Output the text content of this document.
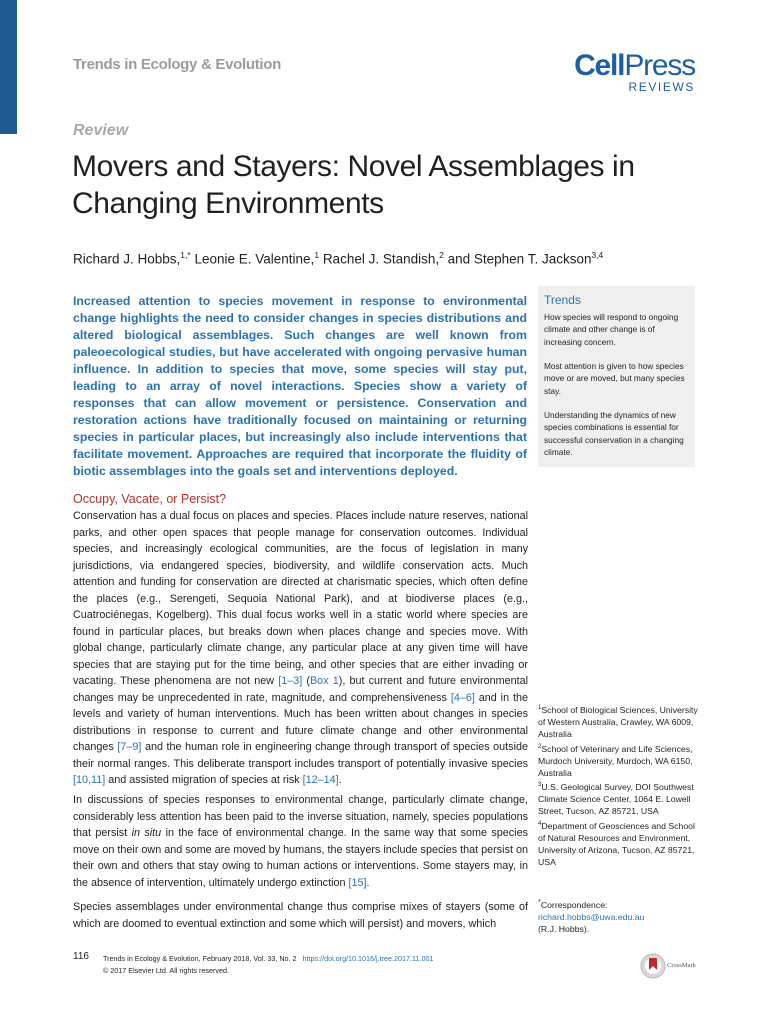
Trends in Ecology & Evolution	CellPress
REVIEWS
Review
Movers and Stayers: Novel Assemblages in Changing Environments
Richard J. Hobbs,$^{1,*}$ Leonie E. Valentine,$^1$ Rachel J. Standish,$^2$ and Stephen T. Jackson$^{3,4}$
Increased attention to species movement in response to environmental change highlights the need to consider changes in species distributions and altered biological assemblages. Such changes are well known from paleoecological studies, but have accelerated with ongoing pervasive human influence. In addition to species that move, some species will stay put, leading to an array of novel interactions. Species show a variety of responses that can allow movement or persistence. Conservation and restoration actions have traditionally focused on maintaining or returning species in particular places, but increasingly also include interventions that facilitate movement. Approaches are required that incorporate the fluidity of biotic assemblages into the goals set and interventions deployed.
Trends
How species will respond to ongoing climate and other change is of increasing concern.
Most attention is given to how species move or are moved, but many species stay.
Understanding the dynamics of new species combinations is essential for successful conservation in a changing climate.
Occupy, Vacate, or Persist?

Conservation has a dual focus on places and species. Places include nature reserves, national parks, and other open spaces that people manage for conservation outcomes. Individual species, and increasingly ecological communities, are the focus of legislation in many jurisdictions, via endangered species, biodiversity, and wildlife conservation acts. Much attention and funding for conservation are directed at charismatic species, which often define the places (e.g., Serengeti, Sequoia National Park), and at biodiverse places (e.g., Cuatrociénegas, Kogelberg). This dual focus works well in a static world where species are found in particular places, but breaks down when places change and species move. With global change, particularly climate change, any particular place at any given time will have species that are staying put for the time being, and other species that are either invading or vacating. These phenomena are not new [1–3] (Box 1), but current and future environmental changes may be unprecedented in rate, magnitude, and comprehensiveness [4–6] and in the levels and variety of human interventions. Much has been written about changes in species distributions in response to current and future climate change and other environmental changes [7–9] and the human role in engineering change through transport of species outside their normal ranges. This deliberate transport includes transport of potentially invasive species [10,11] and assisted migration of species at risk [12–14].

In discussions of species responses to environmental change, particularly climate change, considerably less attention has been paid to the inverse situation, namely, species populations that persist in situ in the face of environmental change. In the same way that some species move on their own and some are moved by humans, the stayers include species that persist on their own and others that stay owing to human actions or interventions. Some stayers may, in the absence of intervention, ultimately undergo extinction [15].

Species assemblages under environmental change thus comprise mixes of stayers (some of which are doomed to eventual extinction and some which will persist) and movers, which

$^1$School of Biological Sciences, University of Western Australia, Crawley, WA 6009, Australia
$^2$School of Veterinary and Life Sciences, Murdoch University, Murdoch, WA 6150, Australia
$^3$U.S. Geological Survey, DOI Southwest Climate Science Center, 1064 E. Lowell Street, Tucson, AZ 85721, USA
$^4$Department of Geosciences and School of Natural Resources and Environment, University of Arizona, Tucson, AZ 85721, USA
*Correspondence:
richard.hobbs@uwa.edu.au
(R.J. Hobbs).
116 Trends in Ecology & Evolution, February 2018, Vol. 33, No. 2 https://doi.org/10.1016/j.tree.2017.11.001
© 2017 Elsevier Ltd. All rights reserved.
CrossMark
